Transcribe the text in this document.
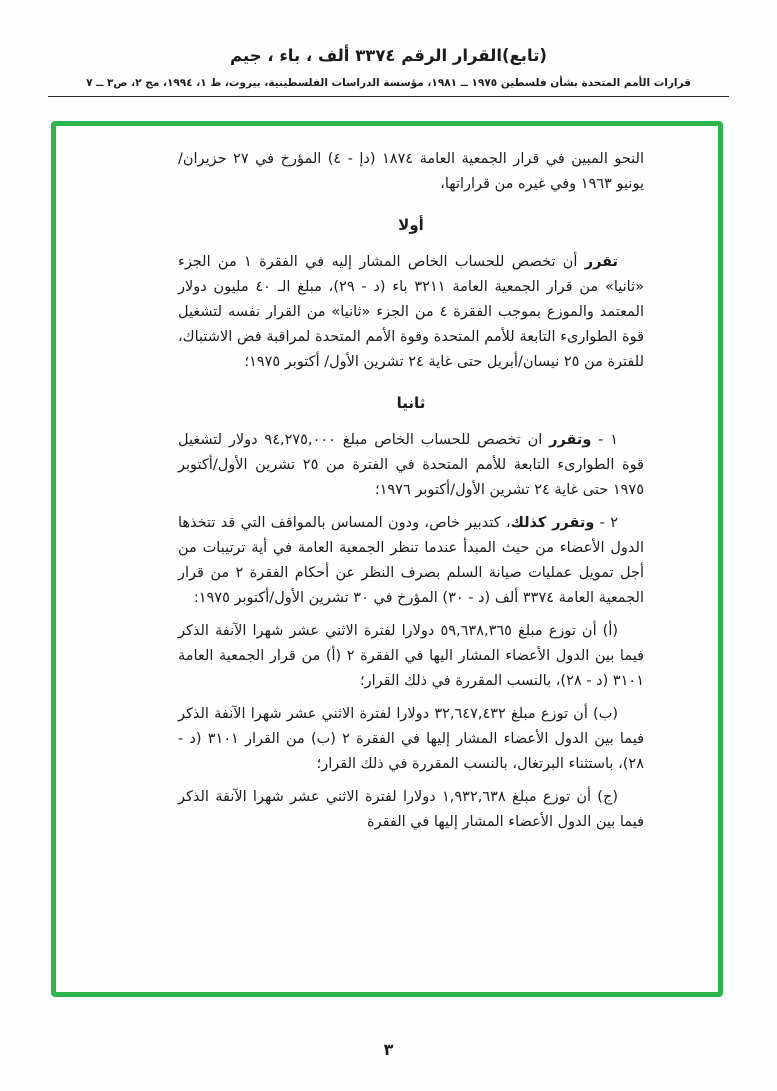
(تابع)القرار الرقم ٣٣٧٤ ألف ، باء ، جيم
قرارات الأمم المتحدة بشأن فلسطين ١٩٧٥ ــ ١٩٨١، مؤسسة الدراسات الفلسطينية، بيروت، ط ١، ١٩٩٤، مج ٢، ص٣ ــ ٧

النحو المبين في قرار الجمعية العامة ١٨٧٤ (دإ - ٤) المؤرخ في ٢٧ حزيران/يونيو ١٩٦٣ وفي غيره من قراراتها،

أولا

تقرر أن تخصص للحساب الخاص المشار إليه في الفقرة ١ من الجزء «ثانيا» من قرار الجمعية العامة ٣٢١١ باء (د - ٢٩)، مبلغ الـ ٤٠ مليون دولار المعتمد والموزع بموجب الفقرة ٤ من الجزء «ثانيا» من القرار نفسه لتشغيل قوة الطوارىء التابعة للأمم المتحدة وقوة الأمم المتحدة لمراقبة فض الاشتباك، للفترة من ٢٥ نيسان/أبريل حتى غاية ٢٤ تشرين الأول/ أكتوبر ١٩٧٥؛

ثانيا

١ - وتقرر ان تخصص للحساب الخاص مبلغ ٩٤,٢٧٥,٠٠٠ دولار لتشغيل قوة الطوارىء التابعة للأمم المتحدة في الفترة من ٢٥ تشرين الأول/أكتوبر ١٩٧٥ حتى غاية ٢٤ تشرين الأول/أكتوبر ١٩٧٦؛

٢ - وتقرر كذلك، كتدبير خاص، ودون المساس بالمواقف التي قد تتخذها الدول الأعضاء من حيث المبدأ عندما تنظر الجمعية العامة في أية ترتيبات من أجل تمويل عمليات صيانة السلم بصرف النظر عن أحكام الفقرة ٢ من قرار الجمعية العامة ٣٣٧٤ ألف (د - ٣٠) المؤرخ في ٣٠ تشرين الأول/أكتوبر ١٩٧٥:

(أ) أن توزع مبلغ ٥٩,٦٣٨,٣٦٥ دولارا لفترة الاثني عشر شهرا الآنفة الذكر فيما بين الدول الأعضاء المشار اليها في الفقرة ٢ (أ) من قرار الجمعية العامة ٣١٠١ (د - ٢٨)، بالنسب المقررة في ذلك القرار؛

(ب) أن توزع مبلغ ٣٢,٦٤٧,٤٣٢ دولارا لفترة الاثني عشر شهرا الآنفة الذكر فيما بين الدول الأعضاء المشار إليها في الفقرة ٢ (ب) من القرار ٣١٠١ (د - ٢٨)، باستثناء البرتغال، بالنسب المقررة في ذلك القرار؛

(ج) أن توزع مبلغ ١,٩٣٢,٦٣٨ دولارا لفترة الاثني عشر شهرا الآنفة الذكر فيما بين الدول الأعضاء المشار إليها في الفقرة

٣
